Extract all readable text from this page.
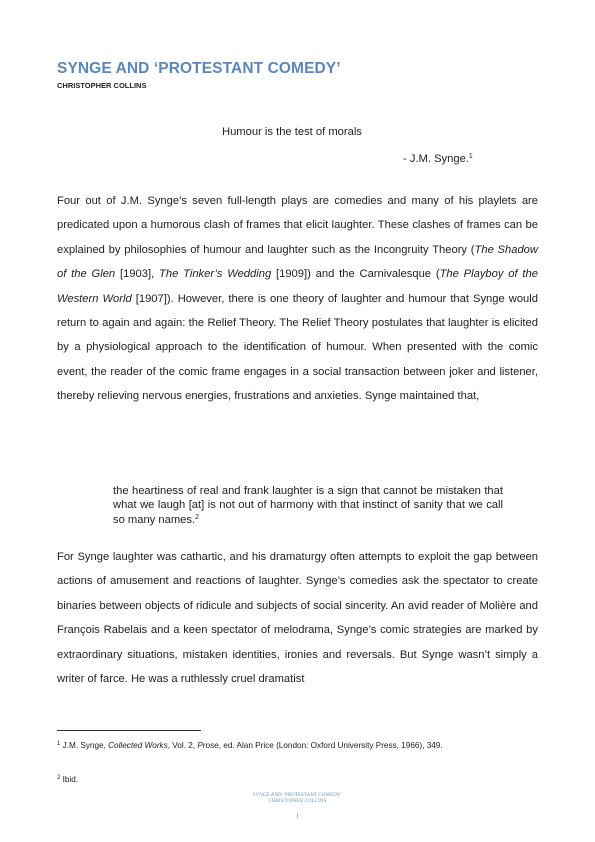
SYNGE AND ‘PROTESTANT COMEDY’

CHRISTOPHER COLLINS

Humour is the test of morals

- J.M. Synge.$^1$

Four out of J.M. Synge’s seven full-length plays are comedies and many of his playlets are predicated upon a humorous clash of frames that elicit laughter. These clashes of frames can be explained by philosophies of humour and laughter such as the Incongruity Theory (The Shadow of the Glen [1903], The Tinker’s Wedding [1909]) and the Carnivalesque (The Playboy of the Western World [1907]). However, there is one theory of laughter and humour that Synge would return to again and again: the Relief Theory. The Relief Theory postulates that laughter is elicited by a physiological approach to the identification of humour. When presented with the comic event, the reader of the comic frame engages in a social transaction between joker and listener, thereby relieving nervous energies, frustrations and anxieties. Synge maintained that,

the heartiness of real and frank laughter is a sign that cannot be mistaken that what we laugh [at] is not out of harmony with that instinct of sanity that we call so many names.$^2$

For Synge laughter was cathartic, and his dramaturgy often attempts to exploit the gap between actions of amusement and reactions of laughter. Synge’s comedies ask the spectator to create binaries between objects of ridicule and subjects of social sincerity. An avid reader of Molière and François Rabelais and a keen spectator of melodrama, Synge’s comic strategies are marked by extraordinary situations, mistaken identities, ironies and reversals. But Synge wasn’t simply a writer of farce. He was a ruthlessly cruel dramatist

$^1$ J.M. Synge, Collected Works, Vol. 2, Prose, ed. Alan Price (London: Oxford University Press, 1966), 349.

$^2$ Ibid.

SYNGE AND ‘PROTESTANT COMEDY’

CHRISTOPHER COLLINS

1
